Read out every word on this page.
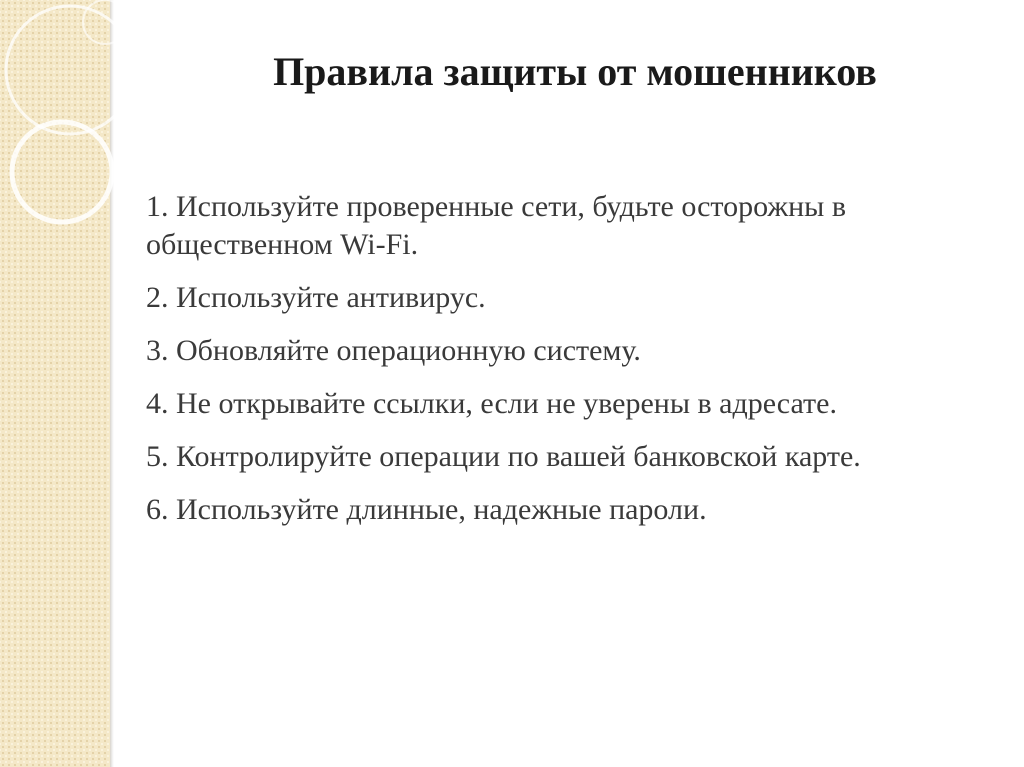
Правила защиты от мошенников

1. Используйте проверенные сети, будьте осторожны в общественном Wi-Fi.

2. Используйте антивирус.

3. Обновляйте операционную систему.

4. Не открывайте ссылки, если не уверены в адресате.

5. Контролируйте операции по вашей банковской карте.

6. Используйте длинные, надежные пароли.
